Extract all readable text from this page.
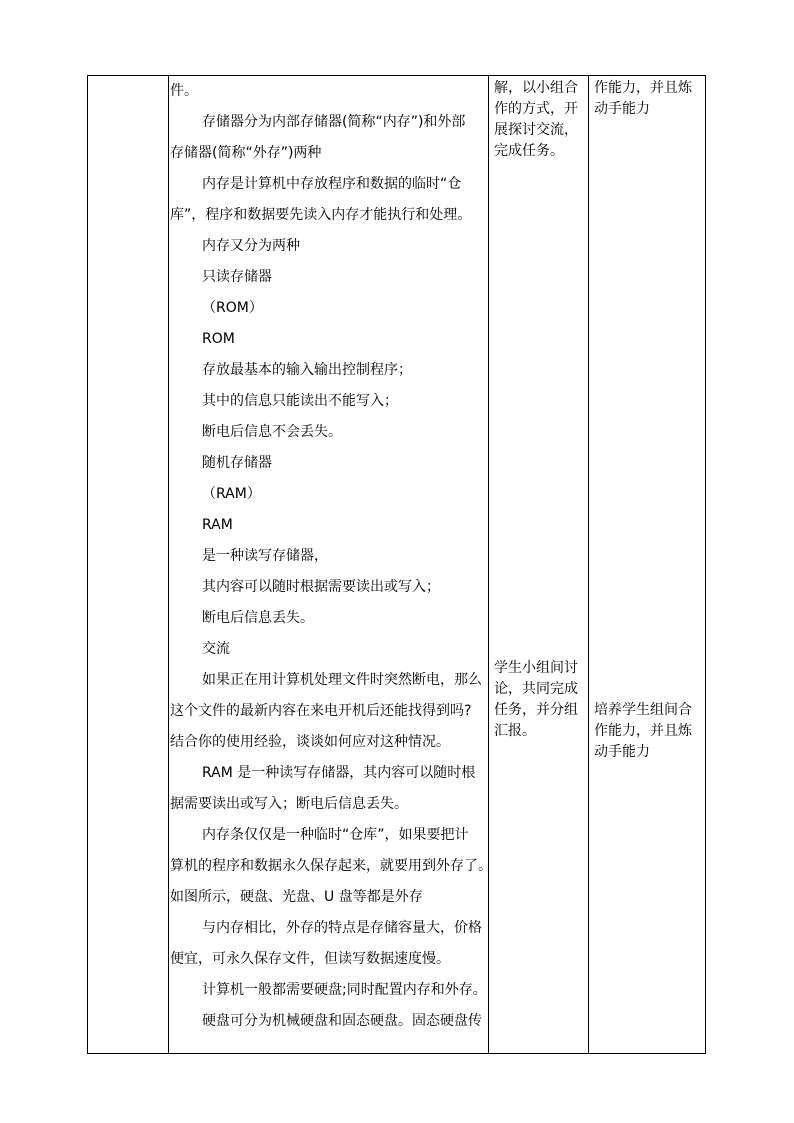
件。

存储器分为内部存储器(简称“内存”)和外部

存储器(简称“外存”)两种

内存是计算机中存放程序和数据的临时“仓

库”，程序和数据要先读入内存才能执行和处理。

内存又分为两种

只读存储器

（ROM）

ROM

存放最基本的输入输出控制程序；

其中的信息只能读出不能写入；

断电后信息不会丢失。

随机存储器

（RAM）

RAM

是一种读写存储器，

其内容可以随时根据需要读出或写入；

断电后信息丢失。

交流

如果正在用计算机处理文件时突然断电，那么

这个文件的最新内容在来电开机后还能找得到吗?

结合你的使用经验，谈谈如何应对这种情况。

RAM 是一种读写存储器，其内容可以随时根

据需要读出或写入；断电后信息丢失。

内存条仅仅是一种临时“仓库”，如果要把计

算机的程序和数据永久保存起来，就要用到外存了。

如图所示，硬盘、光盘、U 盘等都是外存

与内存相比，外存的特点是存储容量大，价格

便宜，可永久保存文件，但读写数据速度慢。

计算机一般都需要硬盘;同时配置内存和外存。

硬盘可分为机械硬盘和固态硬盘。固态硬盘传

解，以小组合
作的方式，开
展探讨交流，
完成任务。

学生小组间讨
论，共同完成
任务，并分组
汇报。

作能力，并且炼
动手能力

培养学生组间合
作能力，并且炼
动手能力
